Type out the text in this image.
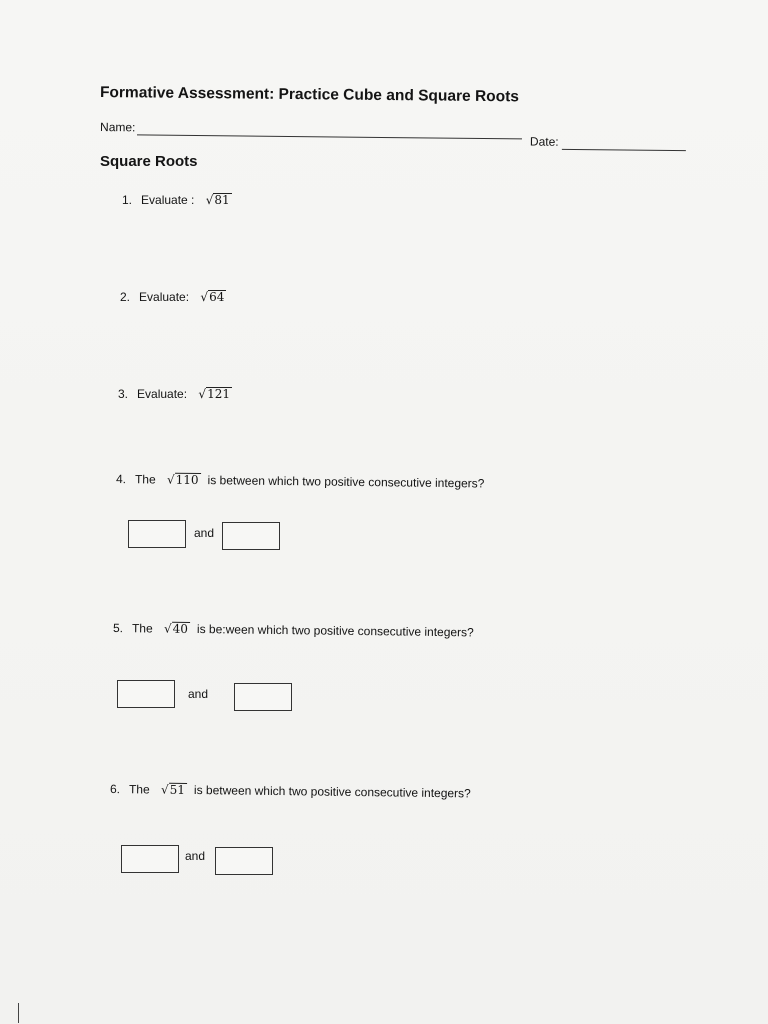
Formative Assessment: Practice Cube and Square Roots
Name:
Date:
Square Roots
1. Evaluate : √81
2. Evaluate: √64
3. Evaluate: √121
4. The √110 is between which two positive consecutive integers?
and
5. The √40 is be:ween which two positive consecutive integers?
and
6. The √51 is between which two positive consecutive integers?
and
